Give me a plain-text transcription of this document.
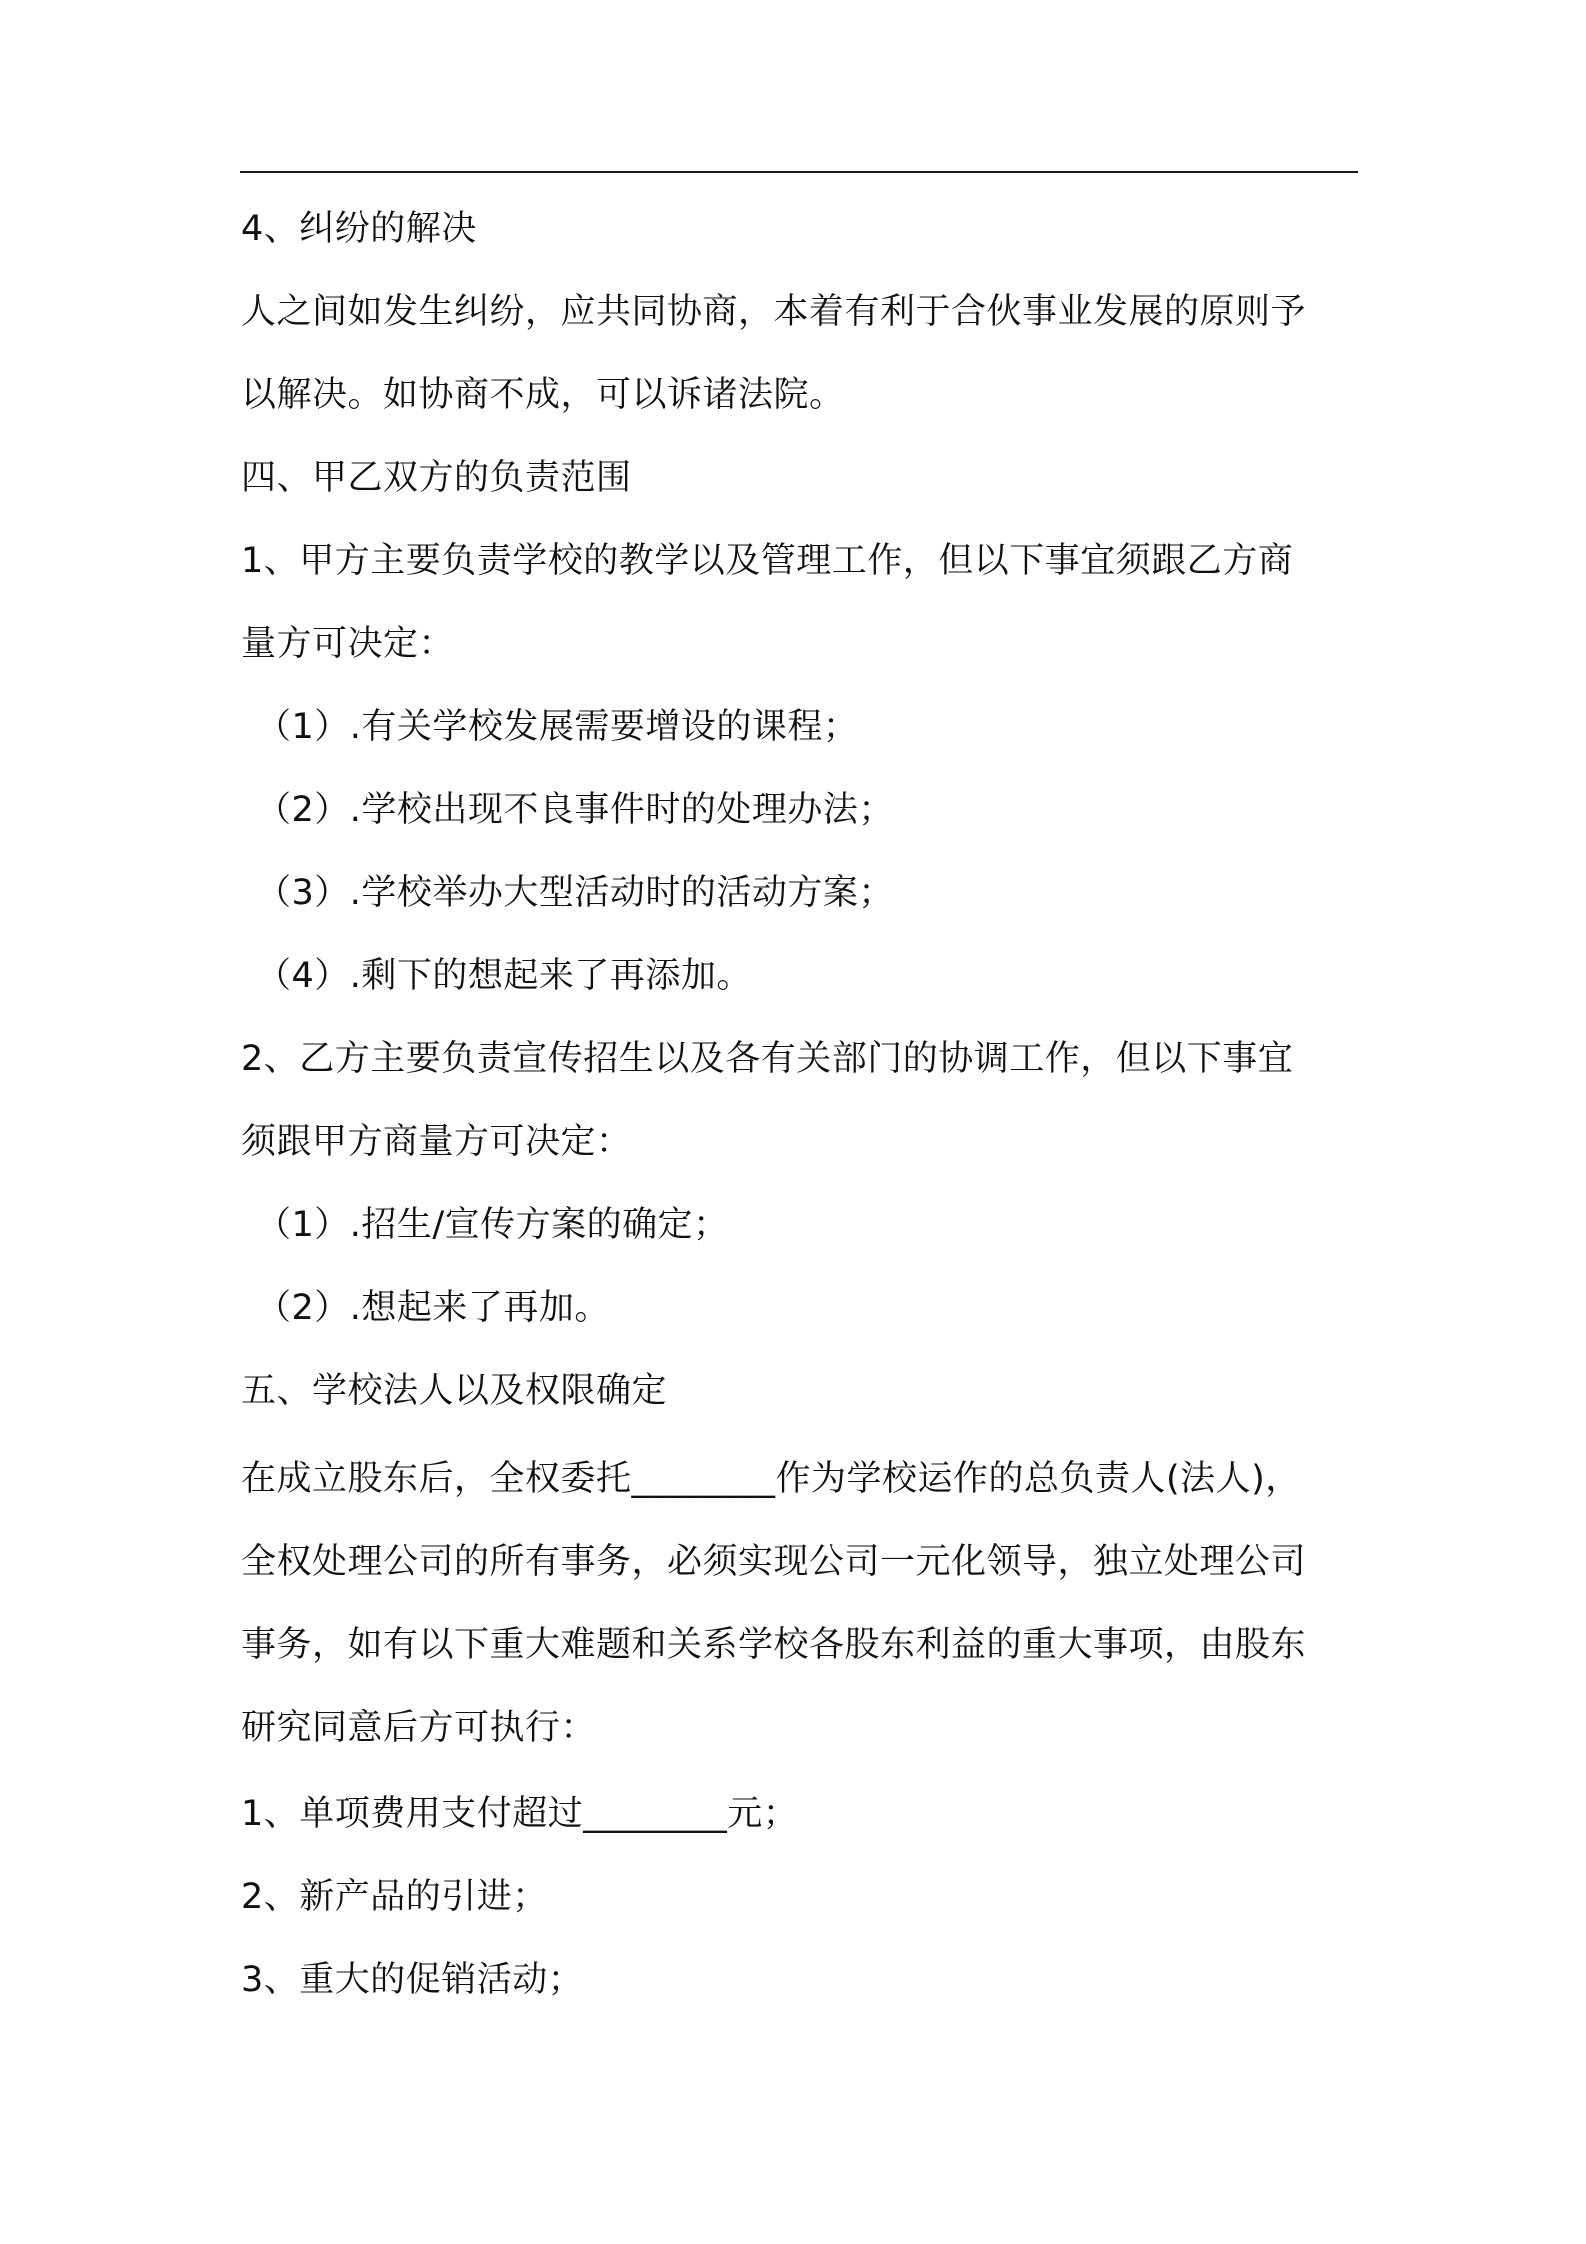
4、纠纷的解决
人之间如发生纠纷，应共同协商，本着有利于合伙事业发展的原则予
以解决。如协商不成，可以诉诸法院。
四、甲乙双方的负责范围
1、甲方主要负责学校的教学以及管理工作，但以下事宜须跟乙方商
量方可决定：
（1）.有关学校发展需要增设的课程；
（2）.学校出现不良事件时的处理办法；
（3）.学校举办大型活动时的活动方案；
（4）.剩下的想起来了再添加。
2、乙方主要负责宣传招生以及各有关部门的协调工作，但以下事宜
须跟甲方商量方可决定：
（1）.招生/宣传方案的确定；
（2）.想起来了再加。
五、学校法人以及权限确定
在成立股东后，全权委托________作为学校运作的总负责人(法人)，
全权处理公司的所有事务，必须实现公司一元化领导，独立处理公司
事务，如有以下重大难题和关系学校各股东利益的重大事项，由股东
研究同意后方可执行：
1、单项费用支付超过________元；
2、新产品的引进；
3、重大的促销活动；
